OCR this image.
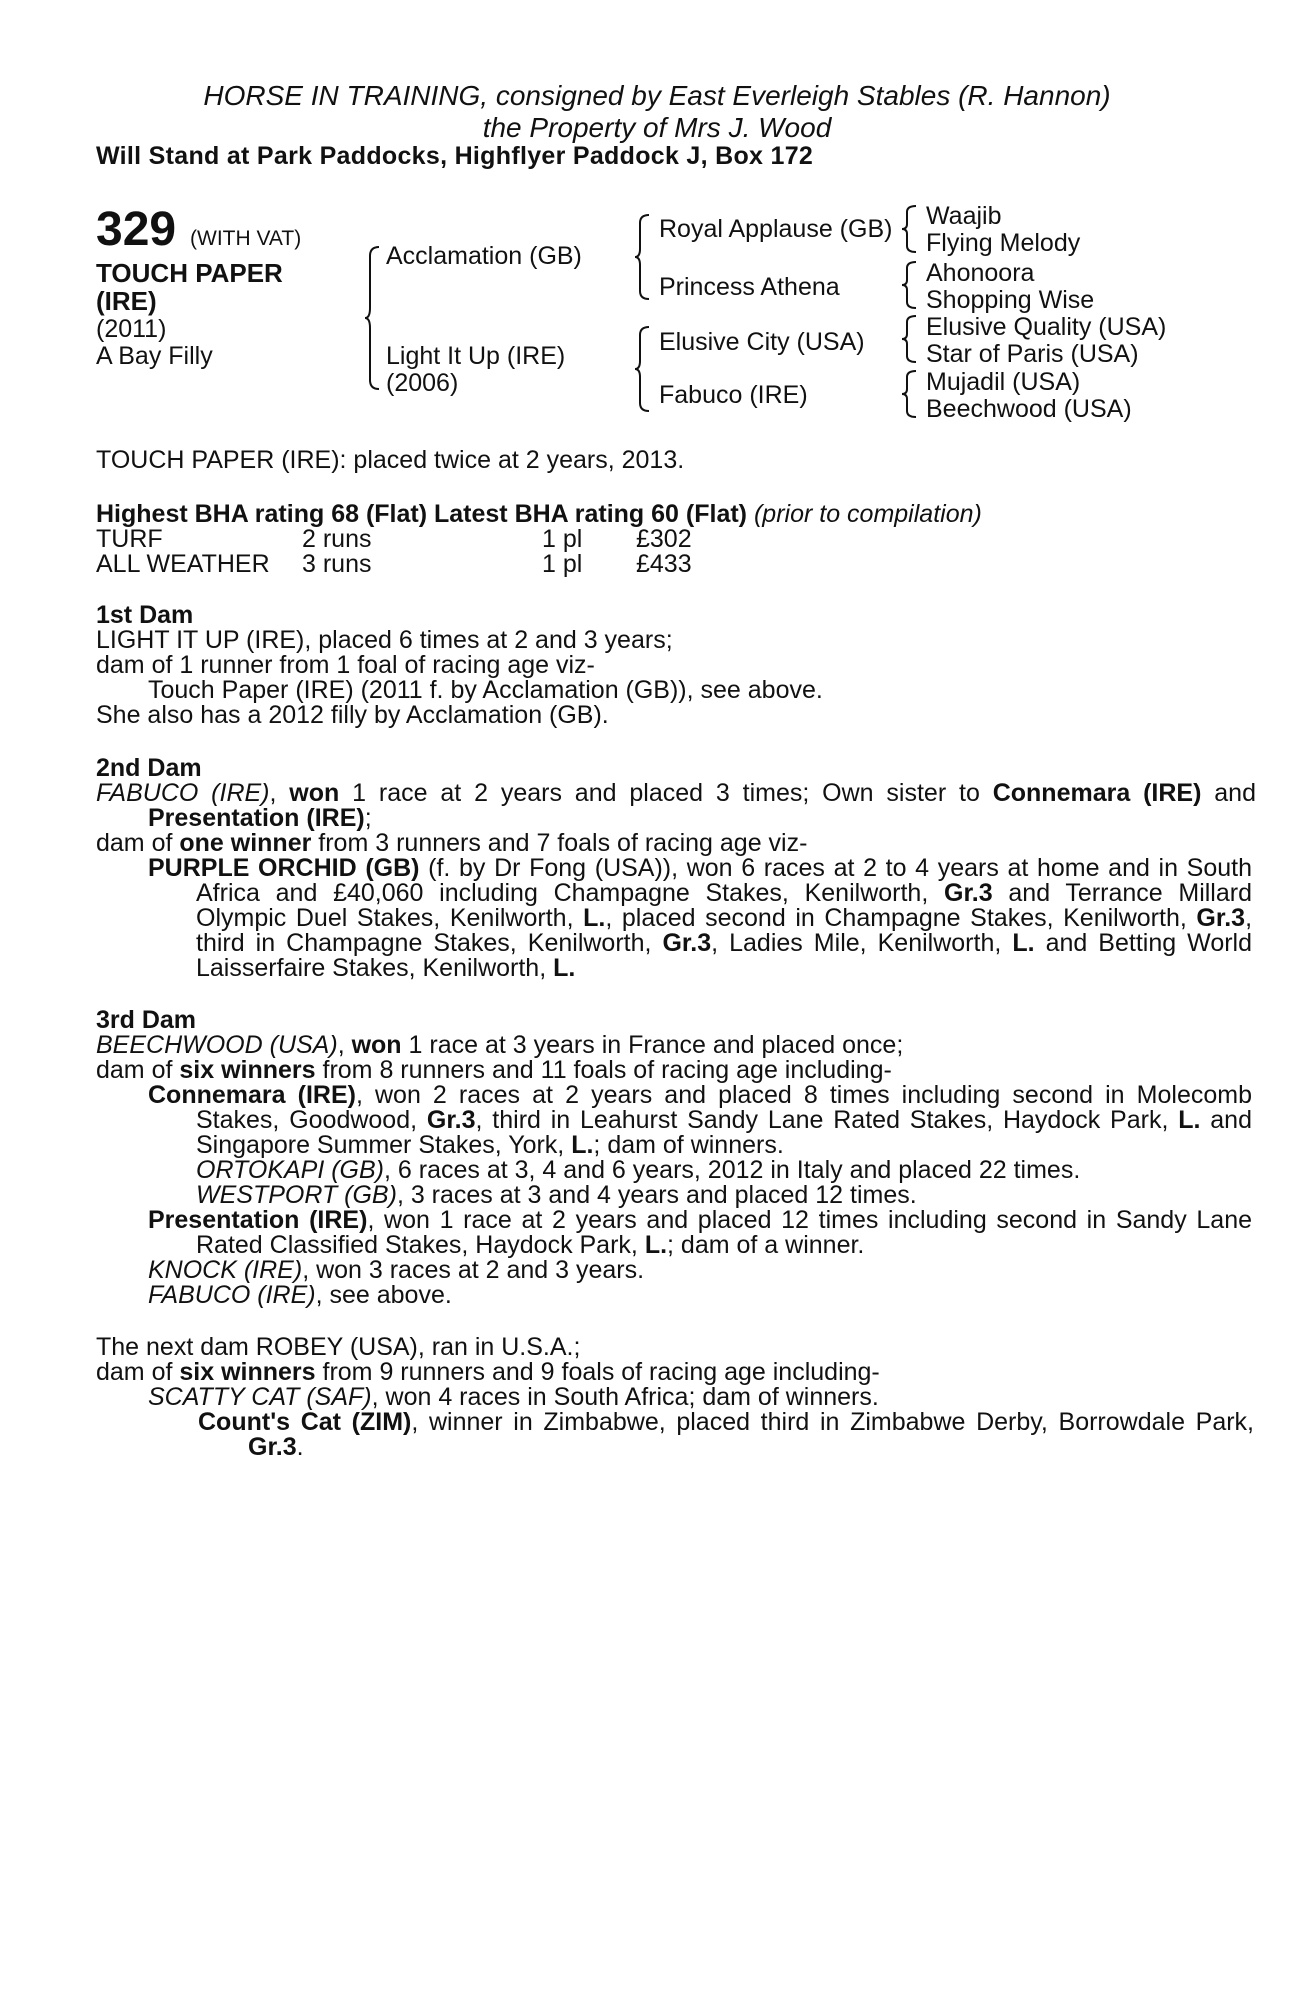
HORSE IN TRAINING, consigned by East Everleigh Stables (R. Hannon)
the Property of Mrs J. Wood
Will Stand at Park Paddocks, Highflyer Paddock J, Box 172
329 (WITH VAT)
TOUCH PAPER
(IRE)
(2011)
A Bay Filly
Acclamation (GB)
Light It Up (IRE)
(2006)
Royal Applause (GB)
Princess Athena
Elusive City (USA)
Fabuco (IRE)
Waajib
Flying Melody
Ahonoora
Shopping Wise
Elusive Quality (USA)
Star of Paris (USA)
Mujadil (USA)
Beechwood (USA)
TOUCH PAPER (IRE): placed twice at 2 years, 2013.
Highest BHA rating 68 (Flat) Latest BHA rating 60 (Flat) (prior to compilation)
TURF	2 runs	1 pl £302
ALL WEATHER 3 runs	1 pl £433
1st Dam
LIGHT IT UP (IRE), placed 6 times at 2 and 3 years;
dam of 1 runner from 1 foal of racing age viz-
Touch Paper (IRE) (2011 f. by Acclamation (GB)), see above.
She also has a 2012 filly by Acclamation (GB).
2nd Dam
FABUCO (IRE), won 1 race at 2 years and placed 3 times; Own sister to Connemara (IRE) and Presentation (IRE);
dam of one winner from 3 runners and 7 foals of racing age viz-
PURPLE ORCHID (GB) (f. by Dr Fong (USA)), won 6 races at 2 to 4 years at home and in South Africa and £40,060 including Champagne Stakes, Kenilworth, Gr.3 and Terrance Millard Olympic Duel Stakes, Kenilworth, L., placed second in Champagne Stakes, Kenilworth, Gr.3, third in Champagne Stakes, Kenilworth, Gr.3, Ladies Mile, Kenilworth, L. and Betting World Laisserfaire Stakes, Kenilworth, L.
3rd Dam
BEECHWOOD (USA), won 1 race at 3 years in France and placed once;
dam of six winners from 8 runners and 11 foals of racing age including-
Connemara (IRE), won 2 races at 2 years and placed 8 times including second in Molecomb Stakes, Goodwood, Gr.3, third in Leahurst Sandy Lane Rated Stakes, Haydock Park, L. and Singapore Summer Stakes, York, L.; dam of winners.
ORTOKAPI (GB), 6 races at 3, 4 and 6 years, 2012 in Italy and placed 22 times.
WESTPORT (GB), 3 races at 3 and 4 years and placed 12 times.
Presentation (IRE), won 1 race at 2 years and placed 12 times including second in Sandy Lane Rated Classified Stakes, Haydock Park, L.; dam of a winner.
KNOCK (IRE), won 3 races at 2 and 3 years.
FABUCO (IRE), see above.
The next dam ROBEY (USA), ran in U.S.A.;
dam of six winners from 9 runners and 9 foals of racing age including-
SCATTY CAT (SAF), won 4 races in South Africa; dam of winners.
Count's Cat (ZIM), winner in Zimbabwe, placed third in Zimbabwe Derby, Borrowdale Park, Gr.3.
